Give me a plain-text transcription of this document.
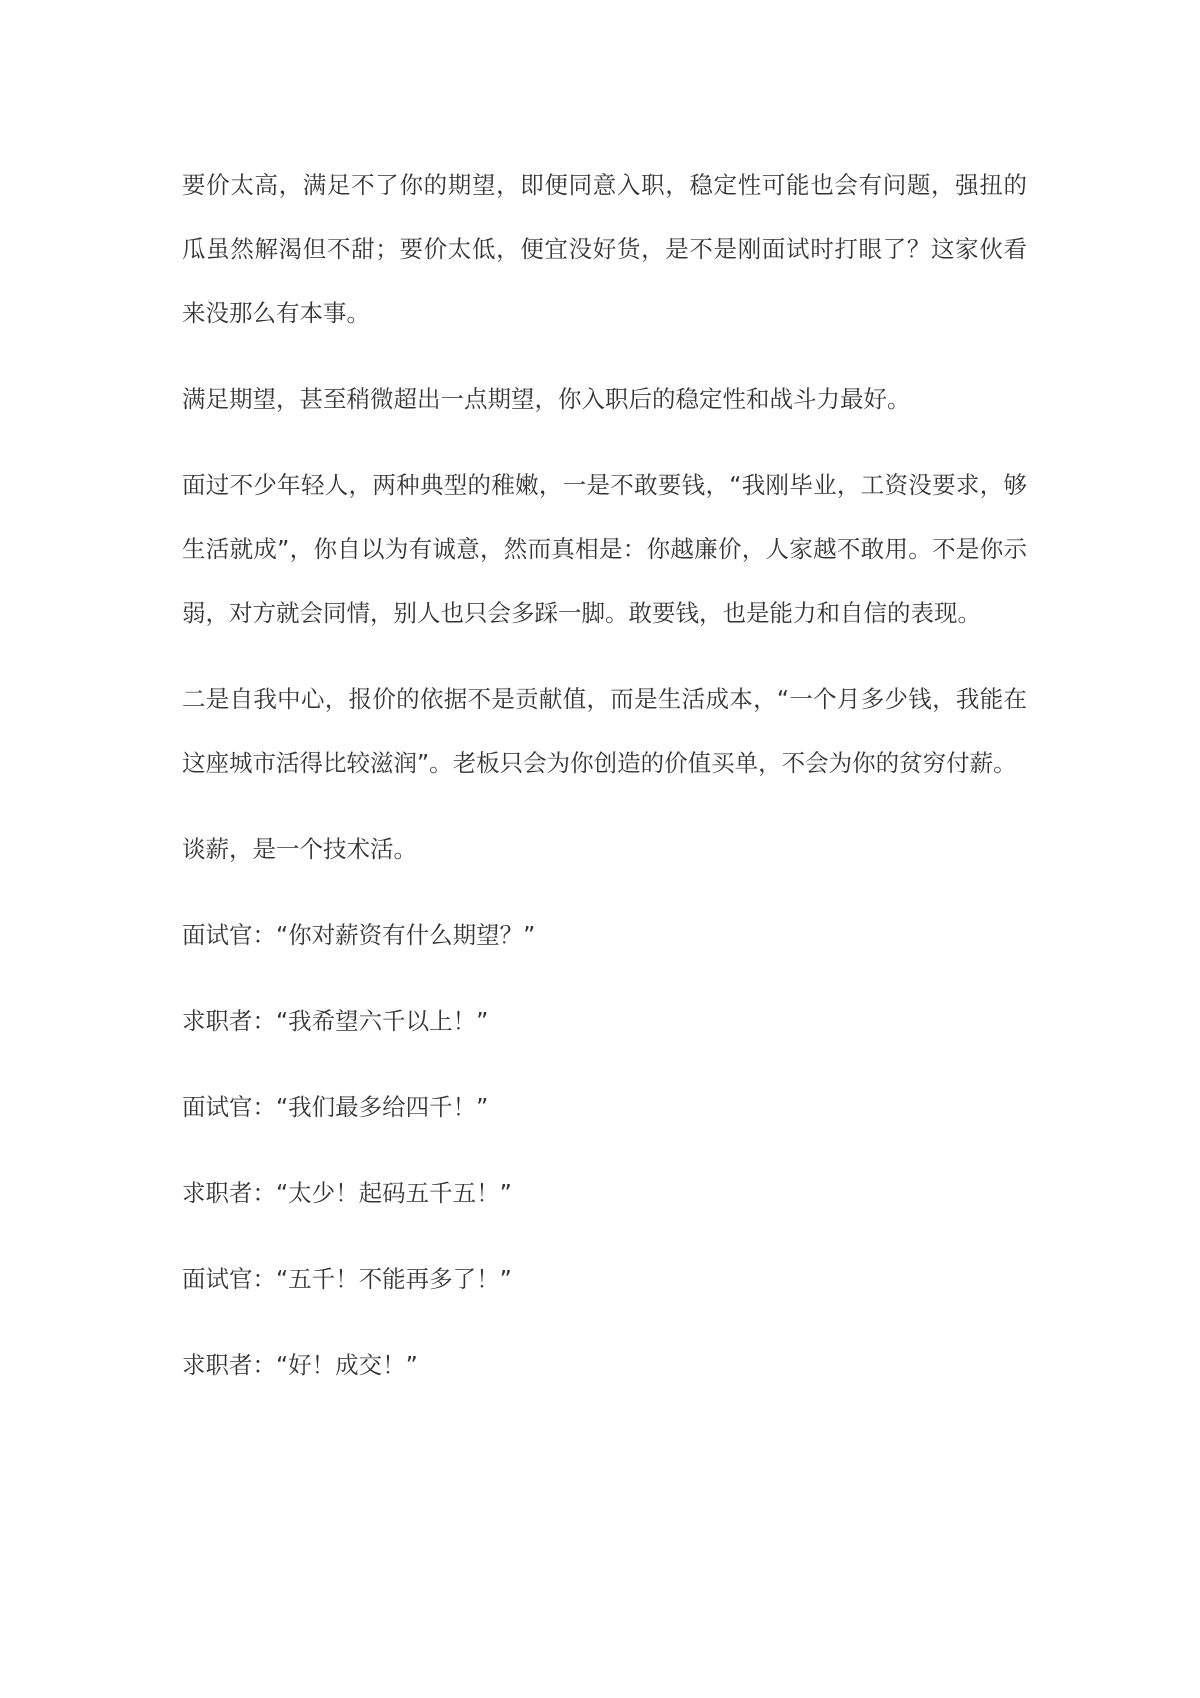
要价太高，满足不了你的期望，即便同意入职，稳定性可能也会有问题，强扭的瓜虽然解渴但不甜；要价太低，便宜没好货，是不是刚面试时打眼了？这家伙看来没那么有本事。

满足期望，甚至稍微超出一点期望，你入职后的稳定性和战斗力最好。

面过不少年轻人，两种典型的稚嫩，一是不敢要钱，“我刚毕业，工资没要求，够生活就成”，你自以为有诚意，然而真相是：你越廉价，人家越不敢用。不是你示弱，对方就会同情，别人也只会多踩一脚。敢要钱，也是能力和自信的表现。

二是自我中心，报价的依据不是贡献值，而是生活成本，“一个月多少钱，我能在这座城市活得比较滋润”。老板只会为你创造的价值买单，不会为你的贫穷付薪。

谈薪，是一个技术活。

面试官：“你对薪资有什么期望？”

求职者：“我希望六千以上！”

面试官：“我们最多给四千！”

求职者：“太少！起码五千五！”

面试官：“五千！不能再多了！”

求职者：“好！成交！”
